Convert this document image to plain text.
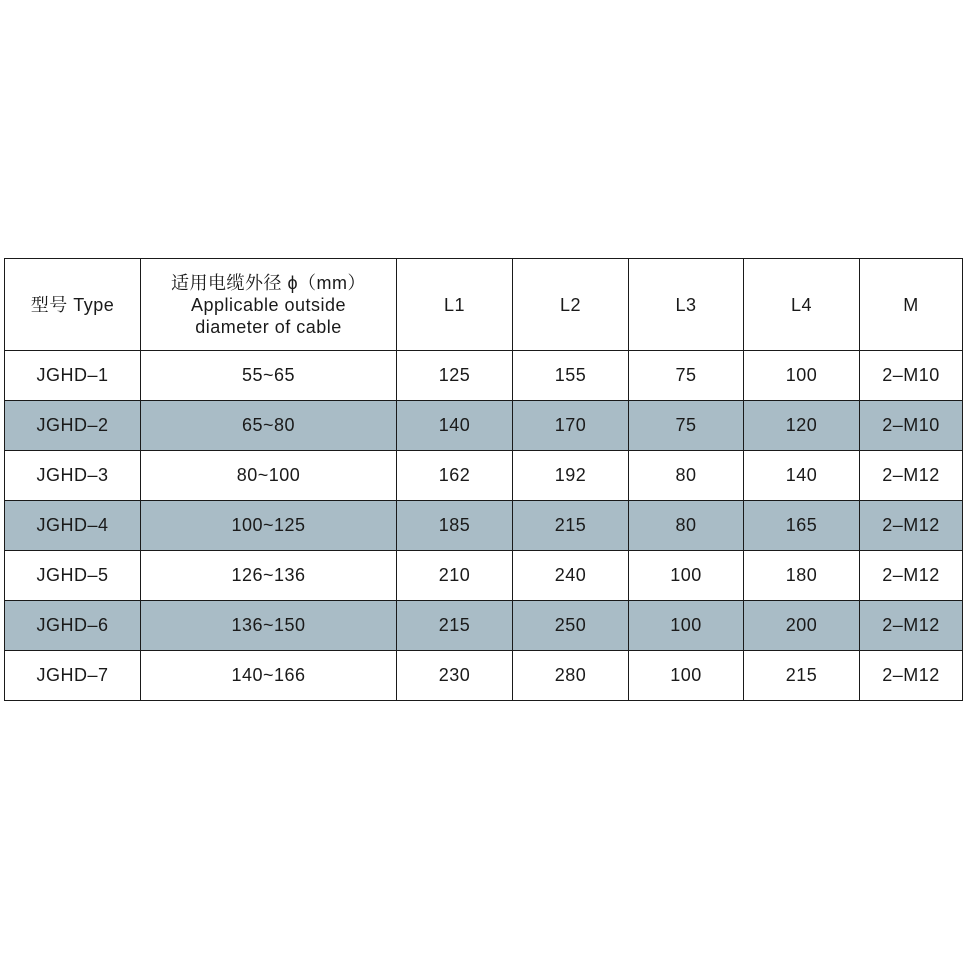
型号 Type	适用电缆外径 ϕ（mm）
Applicable outside
diameter of cable	L1	L2	L3	L4	M
JGHD–1	55~65	125	155	75	100	2–M10
JGHD–2	65~80	140	170	75	120	2–M10
JGHD–3	80~100	162	192	80	140	2–M12
JGHD–4	100~125	185	215	80	165	2–M12
JGHD–5	126~136	210	240	100	180	2–M12
JGHD–6	136~150	215	250	100	200	2–M12
JGHD–7	140~166	230	280	100	215	2–M12
